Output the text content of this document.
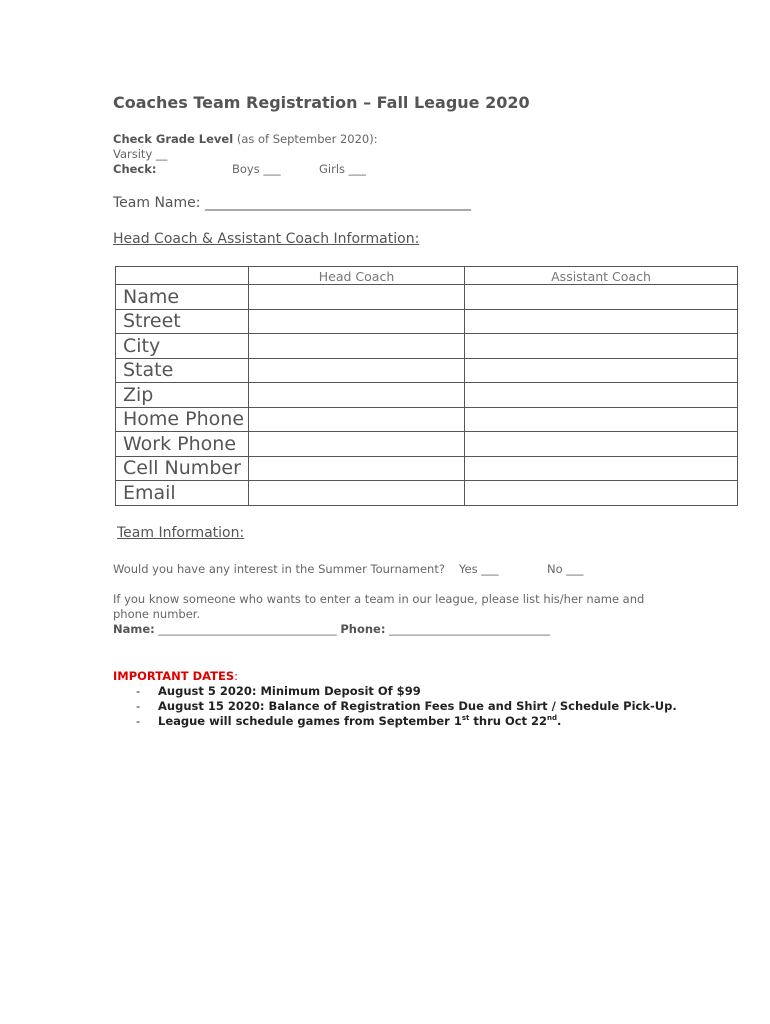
Coaches Team Registration – Fall League 2020
Check Grade Level (as of September 2020):
Varsity __
Check:	Boys ___	Girls ___
Team Name: ______________________________________
Head Coach & Assistant Coach Information:
	Head Coach	Assistant Coach
Name		
Street		
City		
State		
Zip		
Home Phone		
Work Phone		
Cell Number		
Email		
Team Information:
Would you have any interest in the Summer Tournament? Yes ___	No ___
If you know someone who wants to enter a team in our league, please list his/her name and
phone number.
Name: _______________________________ Phone: ____________________________
IMPORTANT DATES:
- August 5 2020: Minimum Deposit Of $99
- August 15 2020: Balance of Registration Fees Due and Shirt / Schedule Pick-Up.
- League will schedule games from September 1st thru Oct 22nd.
